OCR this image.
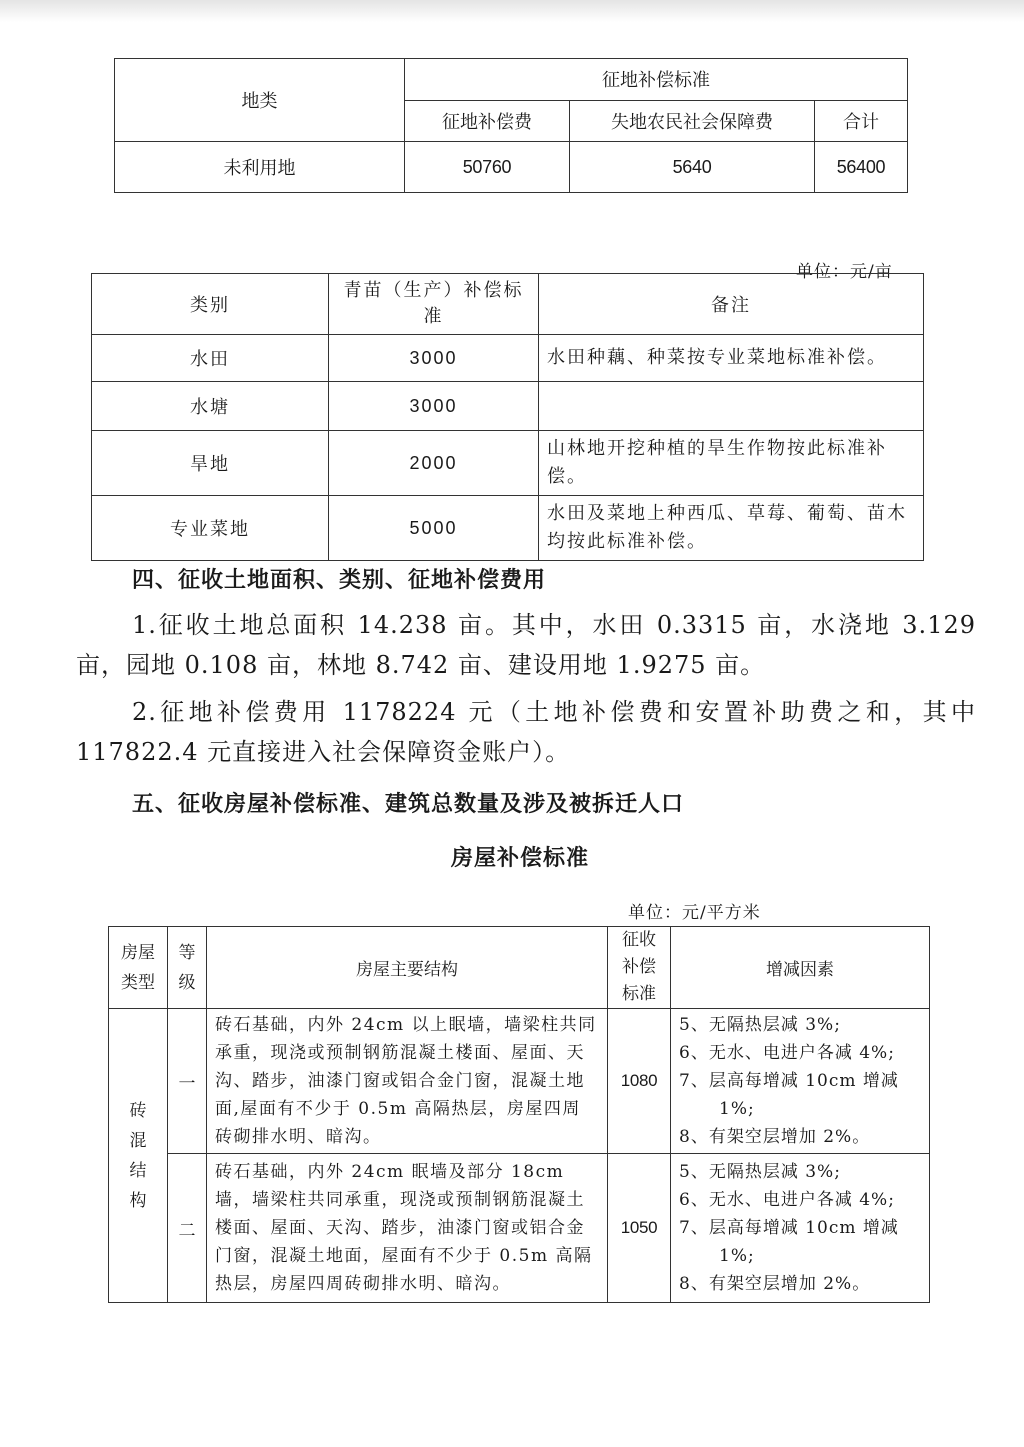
地类	征地补偿标准		
	征地补偿费	失地农民社会保障费	合计
未利用地	50760	5640	56400
单位：元/亩
类别	青苗（生产）补偿标准	备注
水田	3000	水田种藕、种菜按专业菜地标准补偿。
水塘	3000	
旱地	2000	山林地开挖种植的旱生作物按此标准补偿。
专业菜地	5000	水田及菜地上种西瓜、草莓、葡萄、苗木均按此标准补偿。
四、征收土地面积、类别、征地补偿费用
1.征收土地总面积 14.238 亩。其中，水田 0.3315 亩，水浇地 3.129 亩，园地 0.108 亩，林地 8.742 亩、建设用地 1.9275 亩。
2.征地补偿费用 1178224 元（土地补偿费和安置补助费之和，其中 117822.4 元直接进入社会保障资金账户）。
五、征收房屋补偿标准、建筑总数量及涉及被拆迁人口
房屋补偿标准
单位：元/平方米
房屋类型	等级	房屋主要结构	征收补偿标准	增减因素
砖混结构	一	砖石基础，内外 24cm 以上眠墙，墙梁柱共同承重，现浇或预制钢筋混凝土楼面、屋面、天沟、踏步，油漆门窗或铝合金门窗，混凝土地面,屋面有不少于 0.5m 高隔热层，房屋四周砖砌排水明、暗沟。	1080	5、无隔热层减 3%;
6、无水、电进户各减 4%;
7、层高每增减 10cm 增减
1%;
8、有架空层增加 2%。

	二	砖石基础，内外 24cm 眠墙及部分 18cm 墙，墙梁柱共同承重，现浇或预制钢筋混凝土楼面、屋面、天沟、踏步，油漆门窗或铝合金门窗，混凝土地面，屋面有不少于 0.5m 高隔热层，房屋四周砖砌排水明、暗沟。	1050	5、无隔热层减 3%;
6、无水、电进户各减 4%;
7、层高每增减 10cm 增减
1%;
8、有架空层增加 2%。
